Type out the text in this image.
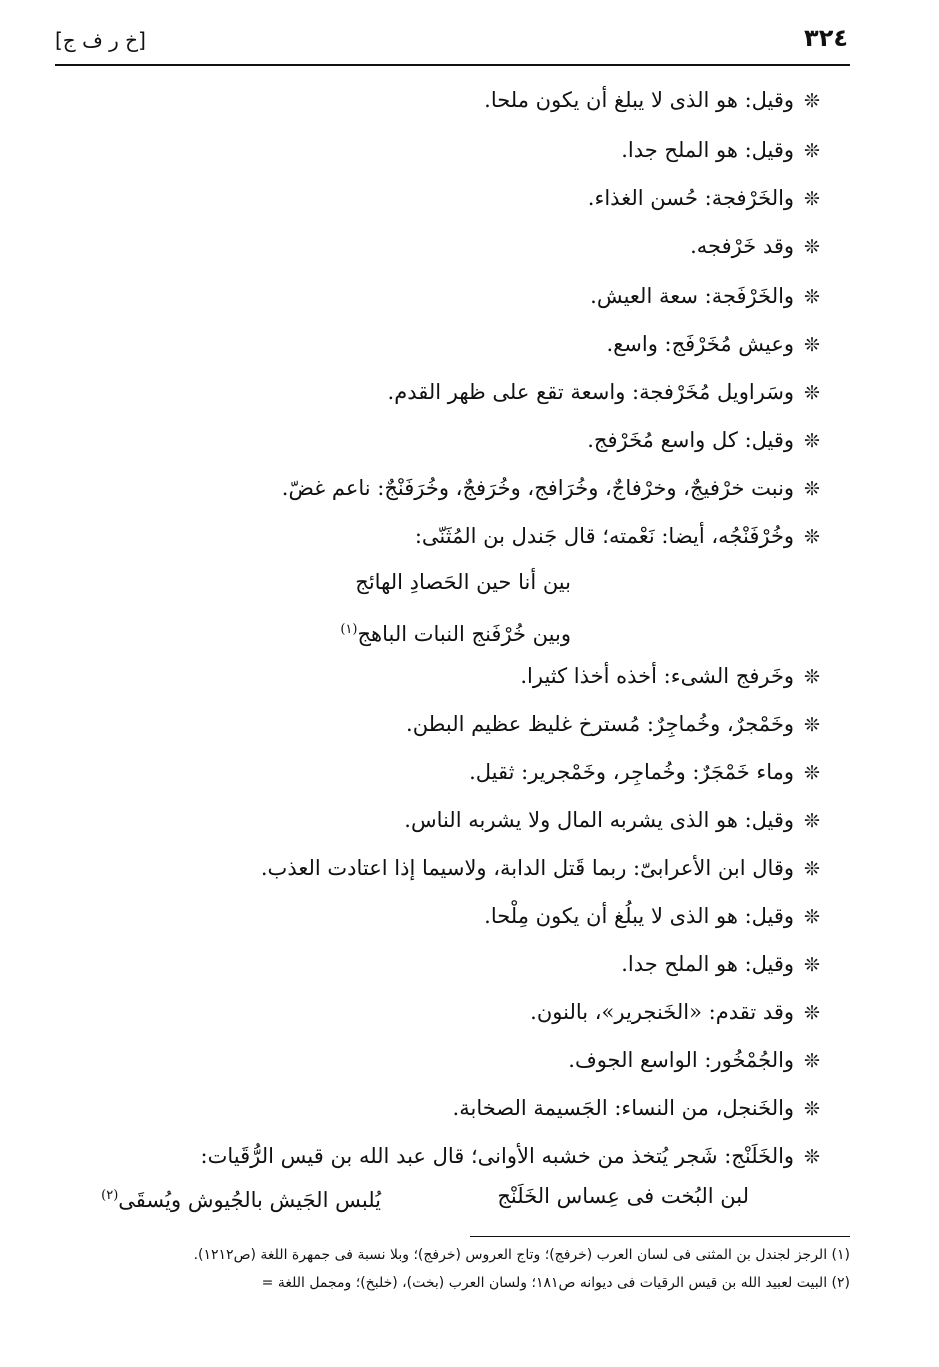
٣٢٤
[خ ر ف ج]
❊وقيل: هو الذى لا يبلغ أن يكون ملحا.
❊وقيل: هو الملح جدا.
❊والخَرْفجة: حُسن الغذاء.
❊وقد خَرْفجه.
❊والخَرْفَجة: سعة العيش.
❊وعيش مُخَرْفَج: واسع.
❊وسَراويل مُخَرْفجة: واسعة تقع على ظهر القدم.
❊وقيل: كل واسع مُخَرْفج.
❊ونبت خرْفيجٌ، وخرْفاجٌ، وخُرَافج، وخُرَفجٌ، وخُرَفَنْجٌ: ناعم غضّ.
❊وخُرْفَنْجُه، أيضا: نَعْمته؛ قال جَندل بن المُثَنّى:
بين أنا حين الحَصادِ الهائج
وبين خُرْفَنج النبات الباهج$^{(١)}$
❊وخَرفج الشىء: أخذه أخذا كثيرا.
❊وخَمْجرٌ، وخُماجِرٌ: مُسترخ غليظ عظيم البطن.
❊وماء خَمْجَرٌ: وخُماجِر، وخَمْجرير: ثقيل.
❊وقيل: هو الذى يشربه المال ولا يشربه الناس.
❊وقال ابن الأعرابىّ: ربما قَتل الدابة، ولاسيما إذا اعتادت العذب.
❊وقيل: هو الذى لا يبلُغ أن يكون مِلْحا.
❊وقيل: هو الملح جدا.
❊وقد تقدم: «الخَنجرير»، بالنون.
❊والجُمْخُور: الواسع الجوف.
❊والخَنجل، من النساء: الجَسيمة الصخابة.
❊والخَلَنْج: شَجر يُتخذ من خشبه الأوانى؛ قال عبد الله بن قيس الرُّقَيات:
لبن البُخت فى عِساس الخَلَنْج
يُلبس الجَيش بالجُيوش ويُسقَى$^{(٢)}$
(١) الرجز لجندل بن المثنى فى لسان العرب (خرفج)؛ وتاج العروس (خرفج)؛ وبلا نسبة فى جمهرة اللغة (ص١٢١٢).
(٢) البيت لعبيد الله بن قيس الرقيات فى ديوانه ص١٨١؛ ولسان العرب (بخت)، (خلبخ)؛ ومجمل اللغة =
